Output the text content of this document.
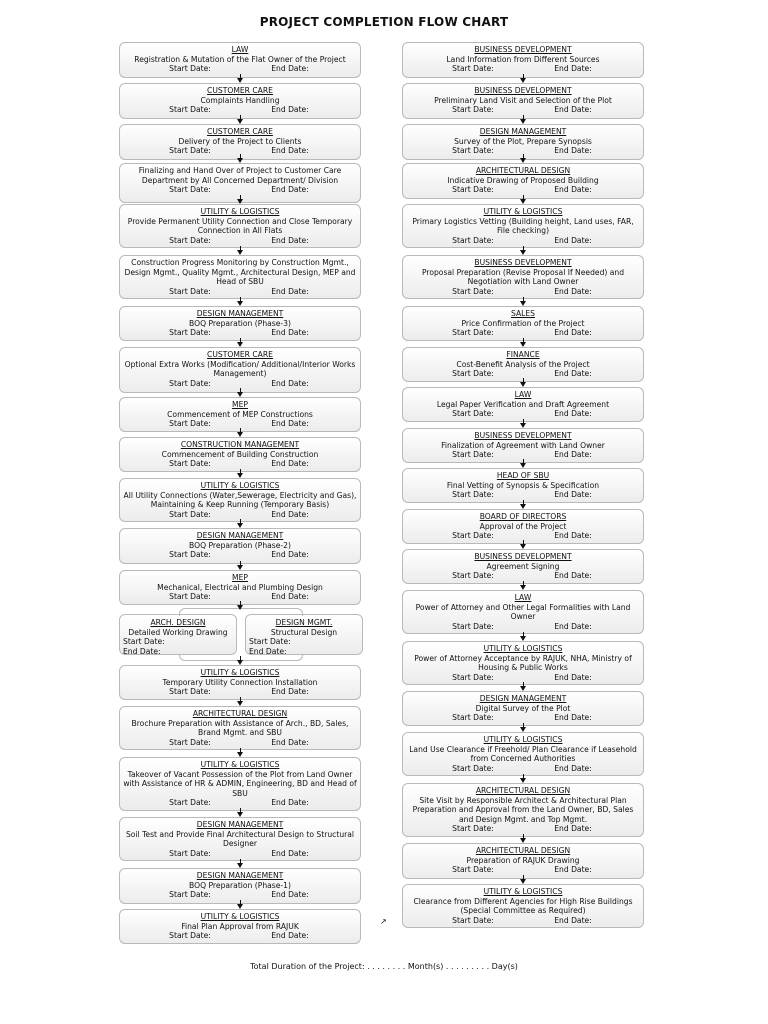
PROJECT COMPLETION FLOW CHART
LAW
Registration & Mutation of the Flat Owner of the Project
Start Date:	End Date:
CUSTOMER CARE
Complaints Handling
Start Date:	End Date:
CUSTOMER CARE
Delivery of the Project to Clients
Start Date:	End Date:
Finalizing and Hand Over of Project to Customer Care Department by All Concerned Department/ Division
Start Date:	End Date:
UTILITY & LOGISTICS
Provide Permanent Utility Connection and Close Temporary Connection in All Flats
Start Date:	End Date:
Construction Progress Monitoring by Construction Mgmt., Design Mgmt., Quality Mgmt., Architectural Design, MEP and Head of SBU
Start Date:	End Date:
DESIGN MANAGEMENT
BOQ Preparation (Phase-3)
Start Date:	End Date:
CUSTOMER CARE
Optional Extra Works (Modification/ Additional/Interior Works Management)
Start Date:	End Date:
MEP
Commencement of MEP Constructions
Start Date:	End Date:
CONSTRUCTION MANAGEMENT
Commencement of Building Construction
Start Date:	End Date:
UTILITY & LOGISTICS
All Utility Connections (Water,Sewerage, Electricity and Gas), Maintaining & Keep Running (Temporary Basis)
Start Date:	End Date:
DESIGN MANAGEMENT
BOQ Preparation (Phase-2)
Start Date:	End Date:
MEP
Mechanical, Electrical and Plumbing Design
Start Date:	End Date:
UTILITY & LOGISTICS
Temporary Utility Connection Installation
Start Date:	End Date:
ARCHITECTURAL DESIGN
Brochure Preparation with Assistance of Arch., BD, Sales, Brand Mgmt. and SBU
Start Date:	End Date:
UTILITY & LOGISTICS
Takeover of Vacant Possession of the Plot from Land Owner with Assistance of HR & ADMIN, Engineering, BD and Head of SBU
Start Date:	End Date:
DESIGN MANAGEMENT
Soil Test and Provide Final Architectural Design to Structural Designer
Start Date:	End Date:
DESIGN MANAGEMENT
BOQ Preparation (Phase-1)
Start Date:	End Date:
UTILITY & LOGISTICS
Final Plan Approval from RAJUK
Start Date:	End Date:
ARCH. DESIGN
Detailed Working Drawing
Start Date:
End Date:
DESIGN MGMT.
Structural Design
Start Date:
End Date:
BUSINESS DEVELOPMENT
Land Information from Different Sources
Start Date:	End Date:
BUSINESS DEVELOPMENT
Preliminary Land Visit and Selection of the Plot
Start Date:	End Date:
DESIGN MANAGEMENT
Survey of the Plot, Prepare Synopsis
Start Date:	End Date:
ARCHITECTURAL DESIGN
Indicative Drawing of Proposed Building
Start Date:	End Date:
UTILITY & LOGISTICS
Primary Logistics Vetting (Building height, Land uses, FAR, File checking)
Start Date:	End Date:
BUSINESS DEVELOPMENT
Proposal Preparation (Revise Proposal If Needed) and Negotiation with Land Owner
Start Date:	End Date:
SALES
Price Confirmation of the Project
Start Date:	End Date:
FINANCE
Cost-Benefit Analysis of the Project
Start Date:	End Date:
LAW
Legal Paper Verification and Draft Agreement
Start Date:	End Date:
BUSINESS DEVELOPMENT
Finalization of Agreement with Land Owner
Start Date:	End Date:
HEAD OF SBU
Final Vetting of Synopsis & Specification
Start Date:	End Date:
BOARD OF DIRECTORS
Approval of the Project
Start Date:	End Date:
BUSINESS DEVELOPMENT
Agreement Signing
Start Date:	End Date:
LAW
Power of Attorney and Other Legal Formalities with Land Owner
Start Date:	End Date:
UTILITY & LOGISTICS
Power of Attorney Acceptance by RAJUK, NHA, Ministry of Housing & Public Works
Start Date:	End Date:
DESIGN MANAGEMENT
Digital Survey of the Plot
Start Date:	End Date:
UTILITY & LOGISTICS
Land Use Clearance if Freehold/ Plan Clearance if Leasehold from Concerned Authorities
Start Date:	End Date:
ARCHITECTURAL DESIGN
Site Visit by Responsible Architect & Architectural Plan Preparation and Approval from the Land Owner, BD, Sales and Design Mgmt. and Top Mgmt.
Start Date:	End Date:
ARCHITECTURAL DESIGN
Preparation of RAJUK Drawing
Start Date:	End Date:
UTILITY & LOGISTICS
Clearance from Different Agencies for High Rise Buildings (Special Committee as Required)
Start Date:	End Date:
Total Duration of the Project: . . . . . . . . Month(s) . . . . . . . . . Day(s)
↗
